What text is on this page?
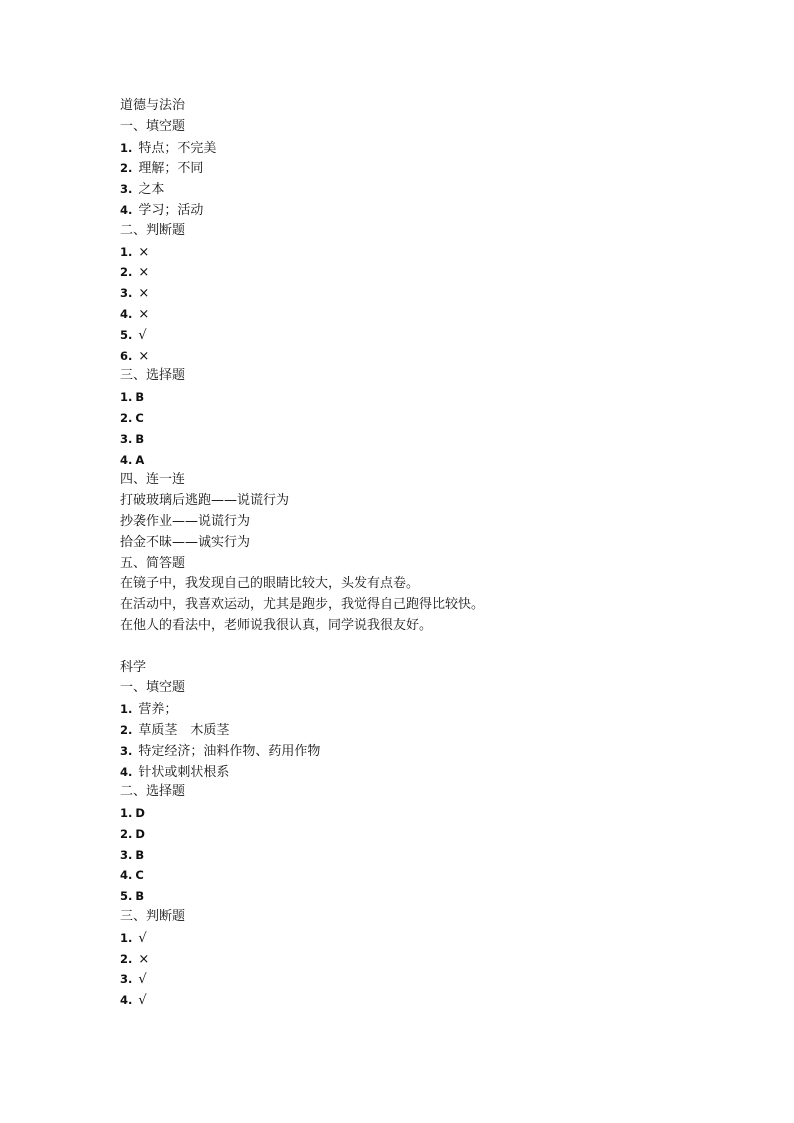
道德与法治
一、填空题
1. 特点；不完美
2. 理解；不同
3. 之本
4. 学习；活动
二、判断题
1. ×
2. ×
3. ×
4. ×
5. √
6. ×
三、选择题
1. B
2. C
3. B
4. A
四、连一连
打破玻璃后逃跑——说谎行为
抄袭作业——说谎行为
拾金不昧——诚实行为
五、简答题
在镜子中，我发现自己的眼睛比较大，头发有点卷。
在活动中，我喜欢运动，尤其是跑步，我觉得自己跑得比较快。
在他人的看法中，老师说我很认真，同学说我很友好。
科学
一、填空题
1. 营养；
2. 草质茎　木质茎
3. 特定经济；油料作物、药用作物
4. 针状或刺状根系
二、选择题
1. D
2. D
3. B
4. C
5. B
三、判断题
1. √
2. ×
3. √
4. √
